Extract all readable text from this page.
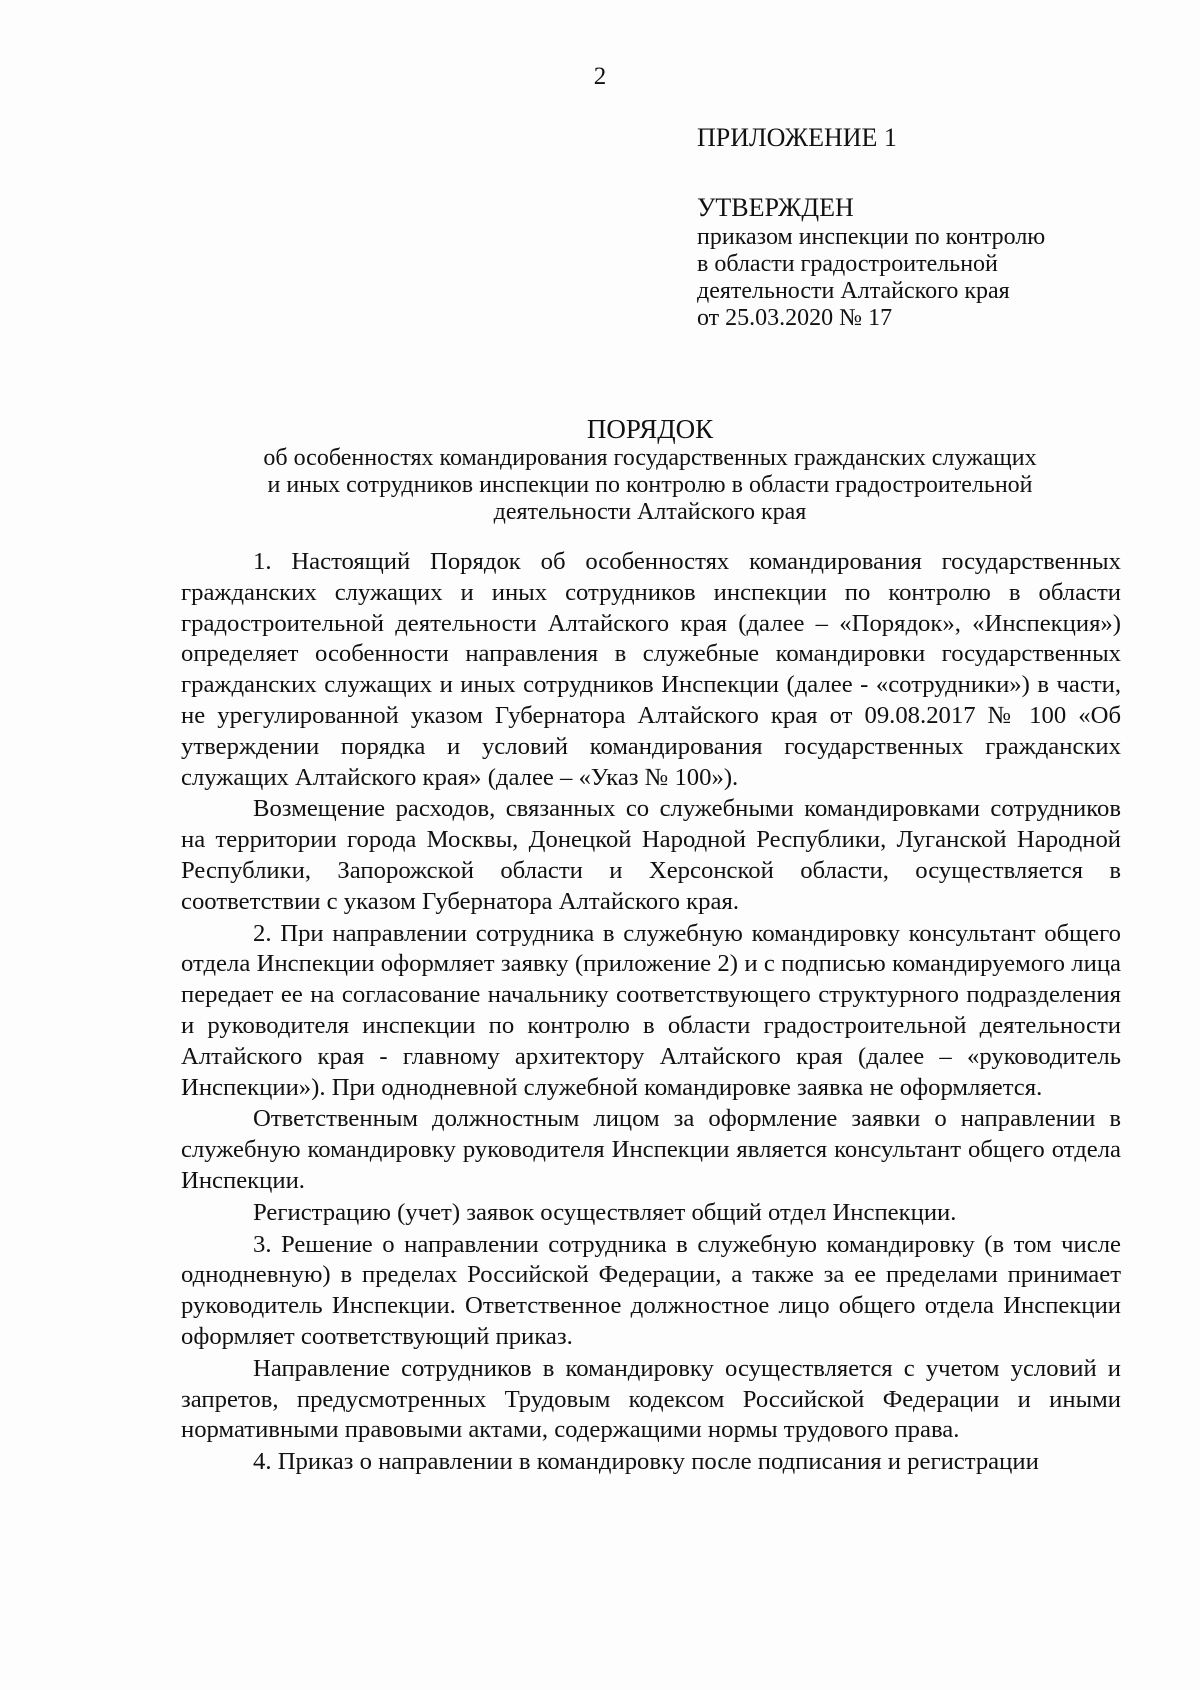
2

ПРИЛОЖЕНИЕ 1

УТВЕРЖДЕН

приказом инспекции по контролю

в области градостроительной

деятельности Алтайского края

от 25.03.2020 № 17

ПОРЯДОК

об особенностях командирования государственных гражданских служащих

и иных сотрудников инспекции по контролю в области градостроительной

деятельности Алтайского края

1. Настоящий Порядок об особенностях командирования государственных гражданских служащих и иных сотрудников инспекции по контролю в области градостроительной деятельности Алтайского края (далее – «Порядок», «Инспекция») определяет особенности направления в служебные командировки государственных гражданских служащих и иных сотрудников Инспекции (далее - «сотрудники») в части, не урегулированной указом Губернатора Алтайского края от 09.08.2017 № 100 «Об утверждении порядка и условий командирования государственных гражданских служащих Алтайского края» (далее – «Указ № 100»).

Возмещение расходов, связанных со служебными командировками сотрудников на территории города Москвы, Донецкой Народной Республики, Луганской Народной Республики, Запорожской области и Херсонской области, осуществляется в соответствии с указом Губернатора Алтайского края.

2. При направлении сотрудника в служебную командировку консультант общего отдела Инспекции оформляет заявку (приложение 2) и с подписью командируемого лица передает ее на согласование начальнику соответствующего структурного подразделения и руководителя инспекции по контролю в области градостроительной деятельности Алтайского края - главному архитектору Алтайского края (далее – «руководитель Инспекции»). При однодневной служебной командировке заявка не оформляется.

Ответственным должностным лицом за оформление заявки о направлении в служебную командировку руководителя Инспекции является консультант общего отдела Инспекции.

Регистрацию (учет) заявок осуществляет общий отдел Инспекции.

3. Решение о направлении сотрудника в служебную командировку (в том числе однодневную) в пределах Российской Федерации, а также за ее пределами принимает руководитель Инспекции. Ответственное должностное лицо общего отдела Инспекции оформляет соответствующий приказ.

Направление сотрудников в командировку осуществляется с учетом условий и запретов, предусмотренных Трудовым кодексом Российской Федерации и иными нормативными правовыми актами, содержащими нормы трудового права.

4. Приказ о направлении в командировку после подписания и регистрации
